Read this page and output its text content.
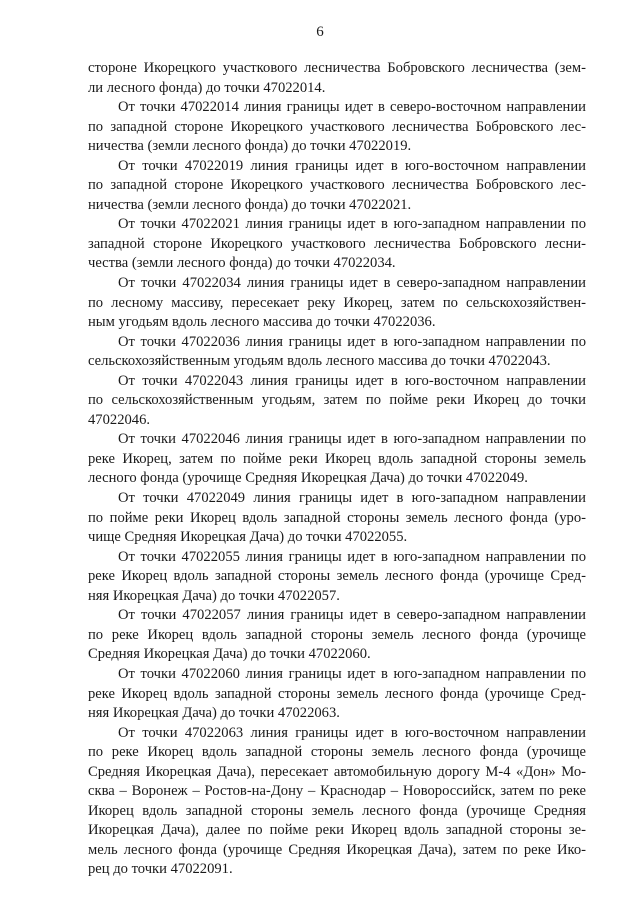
6
стороне Икорецкого участкового лесничества Бобровского лесничества (зем-
ли лесного фонда) до точки 47022014.
От точки 47022014 линия границы идет в северо-восточном направлении
по западной стороне Икорецкого участкового лесничества Бобровского лес-
ничества (земли лесного фонда) до точки 47022019.
От точки 47022019 линия границы идет в юго-восточном направлении
по западной стороне Икорецкого участкового лесничества Бобровского лес-
ничества (земли лесного фонда) до точки 47022021.
От точки 47022021 линия границы идет в юго-западном направлении по
западной стороне Икорецкого участкового лесничества Бобровского лесни-
чества (земли лесного фонда) до точки 47022034.
От точки 47022034 линия границы идет в северо-западном направлении
по лесному массиву, пересекает реку Икорец, затем по сельскохозяйствен-
ным угодьям вдоль лесного массива до точки 47022036.
От точки 47022036 линия границы идет в юго-западном направлении по
сельскохозяйственным угодьям вдоль лесного массива до точки 47022043.
От точки 47022043 линия границы идет в юго-восточном направлении
по сельскохозяйственным угодьям, затем по пойме реки Икорец до точки
47022046.
От точки 47022046 линия границы идет в юго-западном направлении по
реке Икорец, затем по пойме реки Икорец вдоль западной стороны земель
лесного фонда (урочище Средняя Икорецкая Дача) до точки 47022049.
От точки 47022049 линия границы идет в юго-западном направлении
по пойме реки Икорец вдоль западной стороны земель лесного фонда (уро-
чище Средняя Икорецкая Дача) до точки 47022055.
От точки 47022055 линия границы идет в юго-западном направлении по
реке Икорец вдоль западной стороны земель лесного фонда (урочище Сред-
няя Икорецкая Дача) до точки 47022057.
От точки 47022057 линия границы идет в северо-западном направлении
по реке Икорец вдоль западной стороны земель лесного фонда (урочище
Средняя Икорецкая Дача) до точки 47022060.
От точки 47022060 линия границы идет в юго-западном направлении по
реке Икорец вдоль западной стороны земель лесного фонда (урочище Сред-
няя Икорецкая Дача) до точки 47022063.
От точки 47022063 линия границы идет в юго-восточном направлении
по реке Икорец вдоль западной стороны земель лесного фонда (урочище
Средняя Икорецкая Дача), пересекает автомобильную дорогу М-4 «Дон» Мо-
сква – Воронеж – Ростов-на-Дону – Краснодар – Новороссийск, затем по реке
Икорец вдоль западной стороны земель лесного фонда (урочище Средняя
Икорецкая Дача), далее по пойме реки Икорец вдоль западной стороны зе-
мель лесного фонда (урочище Средняя Икорецкая Дача), затем по реке Ико-
рец до точки 47022091.
